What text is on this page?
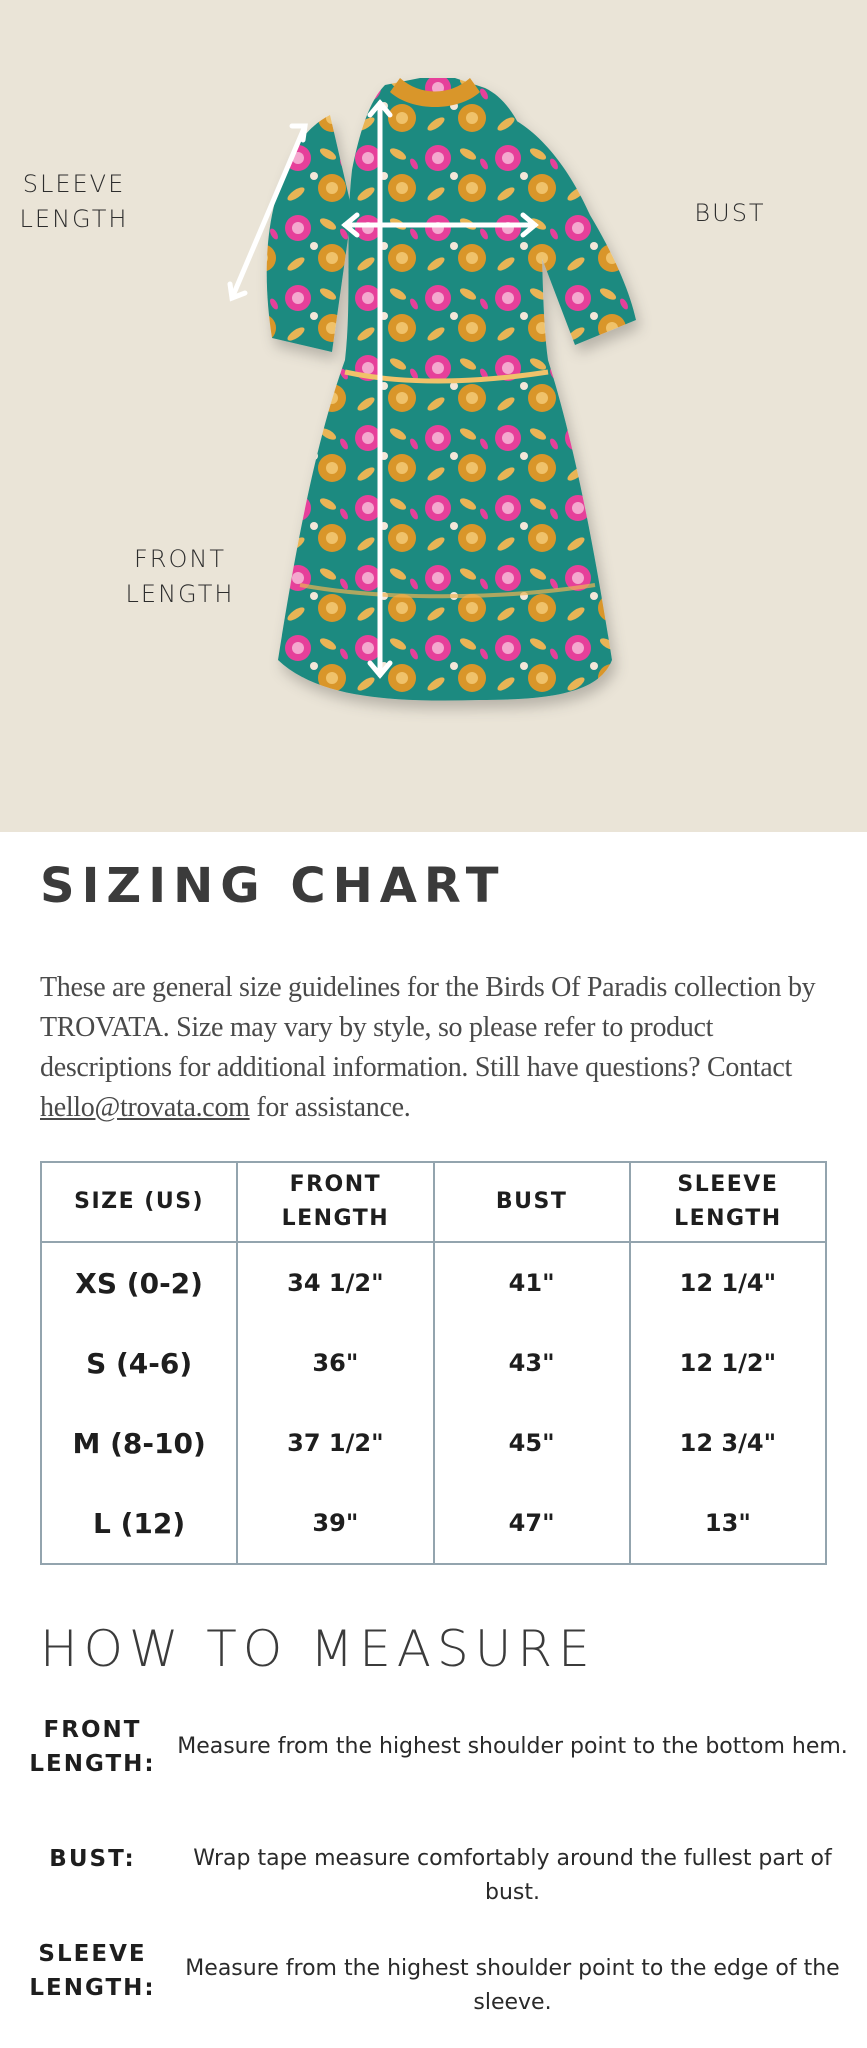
SLEEVE LENGTH	BUST
FRONT LENGTH
SIZING CHART

These are general size guidelines for the Birds Of Paradis collection by TROVATA. Size may vary by style, so please refer to product descriptions for additional information. Still have questions? Contact hello@trovata.com for assistance.

SIZE (US)	FRONT LENGTH	BUST	SLEEVE LENGTH
XS (0-2)	34 1/2"	41"	12 1/4"
S (4-6)	36"	43"	12 1/2"
M (8-10)	37 1/2"	45"	12 3/4"
L (12)	39"	47"	13"
HOW TO MEASURE
FRONT LENGTH:
Measure from the highest shoulder point to the bottom hem.
BUST:	Wrap tape measure comfortably around the fullest part of bust.
SLEEVE LENGTH:
Measure from the highest shoulder point to the edge of the sleeve.
